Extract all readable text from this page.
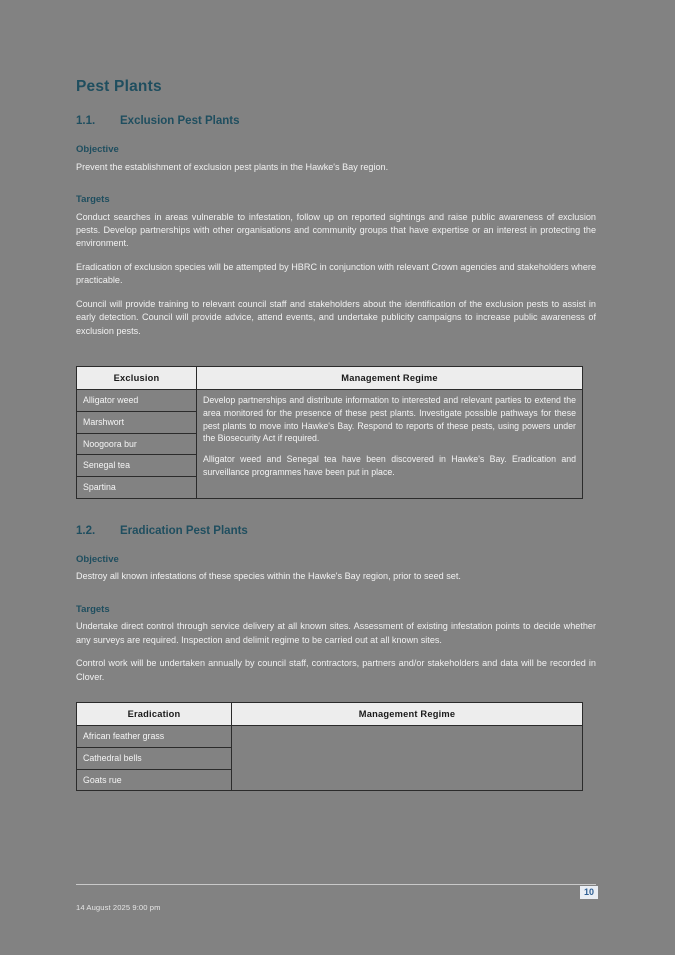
Pest Plants
1.1.	Exclusion Pest Plants
Objective

Prevent the establishment of exclusion pest plants in the Hawke's Bay region.

Targets

Conduct searches in areas vulnerable to infestation, follow up on reported sightings and raise public awareness of exclusion pests. Develop partnerships with other organisations and community groups that have expertise or an interest in protecting the environment.

Eradication of exclusion species will be attempted by HBRC in conjunction with relevant Crown agencies and stakeholders where practicable.

Council will provide training to relevant council staff and stakeholders about the identification of the exclusion pests to assist in early detection. Council will provide advice, attend events, and undertake publicity campaigns to increase public awareness of exclusion pests.

Exclusion	Management Regime
Alligator weed	Develop partnerships and distribute information to interested and relevant parties to extend the area monitored for the presence of these pest plants. Investigate possible pathways for these pest plants to move into Hawke's Bay. Respond to reports of these pests, using powers under the Biosecurity Act if required.

Alligator weed and Senegal tea have been discovered in Hawke's Bay. Eradication and surveillance programmes have been put in place.

Marshwort	
Noogoora bur	
Senegal tea	
Spartina	
1.2.	Eradication Pest Plants
Objective

Destroy all known infestations of these species within the Hawke's Bay region, prior to seed set.

Targets

Undertake direct control through service delivery at all known sites. Assessment of existing infestation points to decide whether any surveys are required. Inspection and delimit regime to be carried out at all known sites.

Control work will be undertaken annually by council staff, contractors, partners and/or stakeholders and data will be recorded in Clover.

Eradication	Management Regime
African feather grass	
Cathedral bells	
Goats rue	
14 August 2025 9:00 pm
10
